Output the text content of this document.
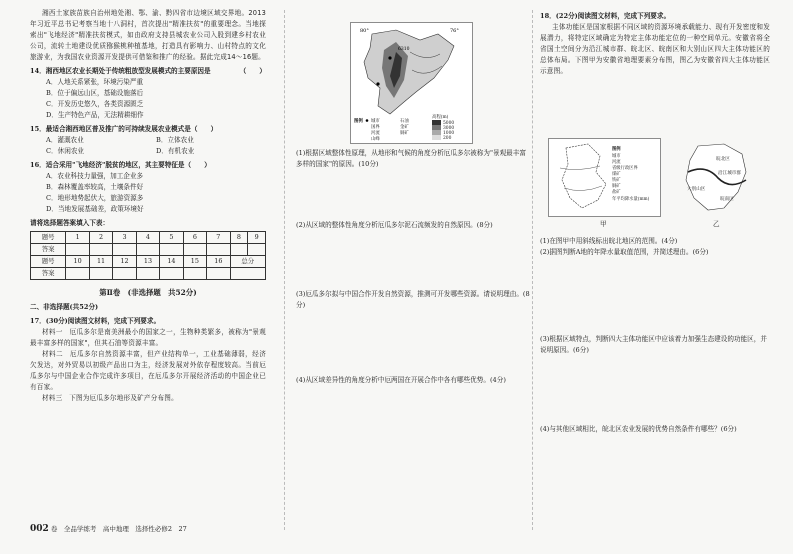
湘西土家族苗族自治州地处湘、鄂、渝、黔四省市边境区域交界地。2013年习近平总书记考察当地十八洞村，首次提出"精准扶贫"的重要理念。当地探索出"飞地经济"精准扶贫模式，如由政府支持县城农业公司入股到建乡村农业公司，流转土地建设优质猕猴桃种植基地，打造具有影响力、山村特点的文化旅游业，为我国农业资源开发提供可借鉴和推广的经验。据此完成14～16题。

14．湘西地区农业长期处于传统粗放型发展模式的主要原因是	（　　）

A．人地关系紧张，环境污染严重
B．位于偏远山区，基础设施落后
C．开发历史悠久，各类资源匮乏
D．生产特色产品，无法精耕细作

15．最适合湘西地区普及推广的可持续发展农业模式是（　　）

A．灌溉农业	B．立体农业
C．休闲农业	D．有机农业

16．适合采用"飞地经济"脱贫的地区，其主要特征是（　　）

A．农业科技力量强，加工企业多
B．森林覆盖率较高，土壤条件好
C．地形地势起伏大，旅游资源多
D．当地发展基础差，政策环境好

请将选择题答案填入下表：

题号	1	2	3	4	5	6	7	8	9
答案									
题号	10	11	12	13	14	15	16	总分	
答案									

第Ⅱ卷　(非选择题　共52分)

二、非选择题(共52分)

17．(30分)阅读图文材料，完成下列要求。

材料一　厄瓜多尔是南美洲最小的国家之一，生物种类繁多，被称为"景观最丰富多样的国家"，但其石油等资源丰富。

材料二　厄瓜多尔自然资源丰富，但产业结构单一，工业基础薄弱，经济欠发达，对外贸易以初级产品出口为主，经济发展对外依存程度较高。当前厄瓜多尔与中国企业合作完成许多项目，在厄瓜多尔开展经济活动的中国企业已有百家。

材料三　下图为厄瓜多尔地形及矿产分布图。

002 卷　全品学练考　高中地理　选择性必修2　27
80°	76°
6310
图例 城市
国界
河流
山峰
石油
金矿
铜矿
高程(m)
5000
3000
1000
200

(1)根据区域整体性原理，从地形和气候的角度分析厄瓜多尔被称为"景观最丰富多样的国家"的原因。(10分)

(2)从区域的整体性角度分析厄瓜多尔泥石流频发的自然原因。(8分)

(3)厄瓜多尔拟与中国合作开发自然资源，推测可开发哪些资源。请说明理由。(8分)

(4)从区域差异性的角度分析中厄两国在开展合作中各有哪些优势。(4分)

18．(22分)阅读图文材料，完成下列要求。

主体功能区是国家根据不同区域的资源环境承载能力、现有开发密度和发展潜力，将特定区域确定为特定主体功能定位的一种空间单元。安徽省将全省国土空间分为沿江城市群、皖北区、皖南区和大别山区四大主体功能区的总体布局。下图甲为安徽省地理要素分布图，图乙为安徽省四大主体功能区示意图。

图例
城市
河流
省级行政区界
煤矿
铁矿
铜矿
盐矿
年平均降水量(mm)
皖北区
沿江城市群
大别山区
皖南区
甲	乙

(1)在图甲中用斜线标出皖北地区的范围。(4分)

(2)据图判断A地的年降水量取值范围，并简述理由。(6分)

(3)根据区域特点，判断四大主体功能区中应该着力加强生态建设的功能区，并说明原因。(6分)

(4)与其他区域相比，皖北区农业发展的优势自然条件有哪些？(6分)
